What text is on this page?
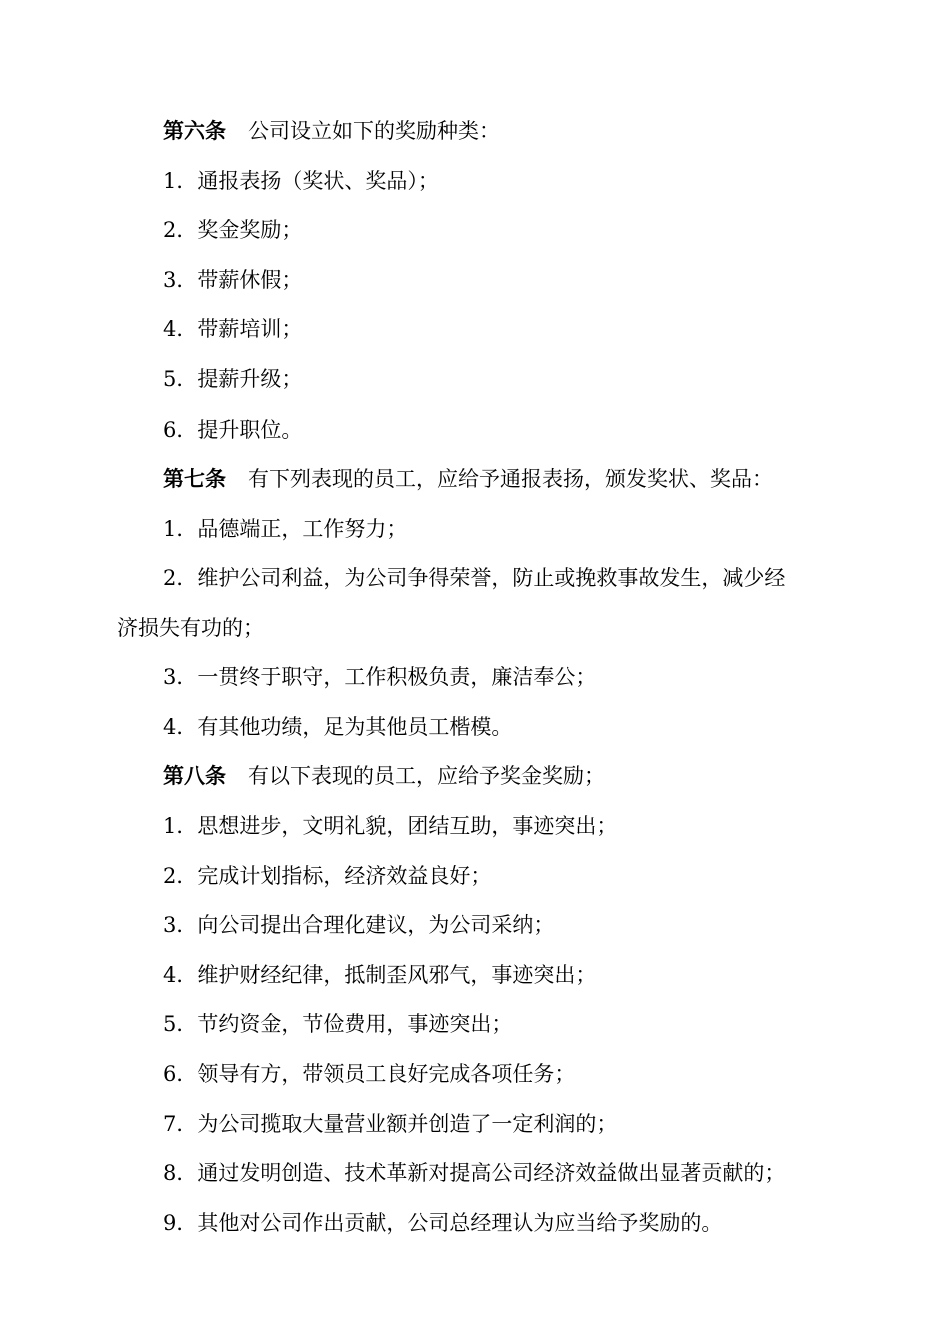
第六条 公司设立如下的奖励种类：
1．通报表扬（奖状、奖品）；
2．奖金奖励；
3．带薪休假；
4．带薪培训；
5．提薪升级；
6．提升职位。
第七条 有下列表现的员工，应给予通报表扬，颁发奖状、奖品：
1．品德端正，工作努力；
2．维护公司利益，为公司争得荣誉，防止或挽救事故发生，减少经
济损失有功的；
3．一贯终于职守，工作积极负责，廉洁奉公；
4．有其他功绩，足为其他员工楷模。
第八条 有以下表现的员工，应给予奖金奖励；
1．思想进步，文明礼貌，团结互助，事迹突出；
2．完成计划指标，经济效益良好；
3．向公司提出合理化建议，为公司采纳；
4．维护财经纪律，抵制歪风邪气，事迹突出；
5．节约资金，节俭费用，事迹突出；
6．领导有方，带领员工良好完成各项任务；
7．为公司揽取大量营业额并创造了一定利润的；
8．通过发明创造、技术革新对提高公司经济效益做出显著贡献的；
9．其他对公司作出贡献，公司总经理认为应当给予奖励的。
